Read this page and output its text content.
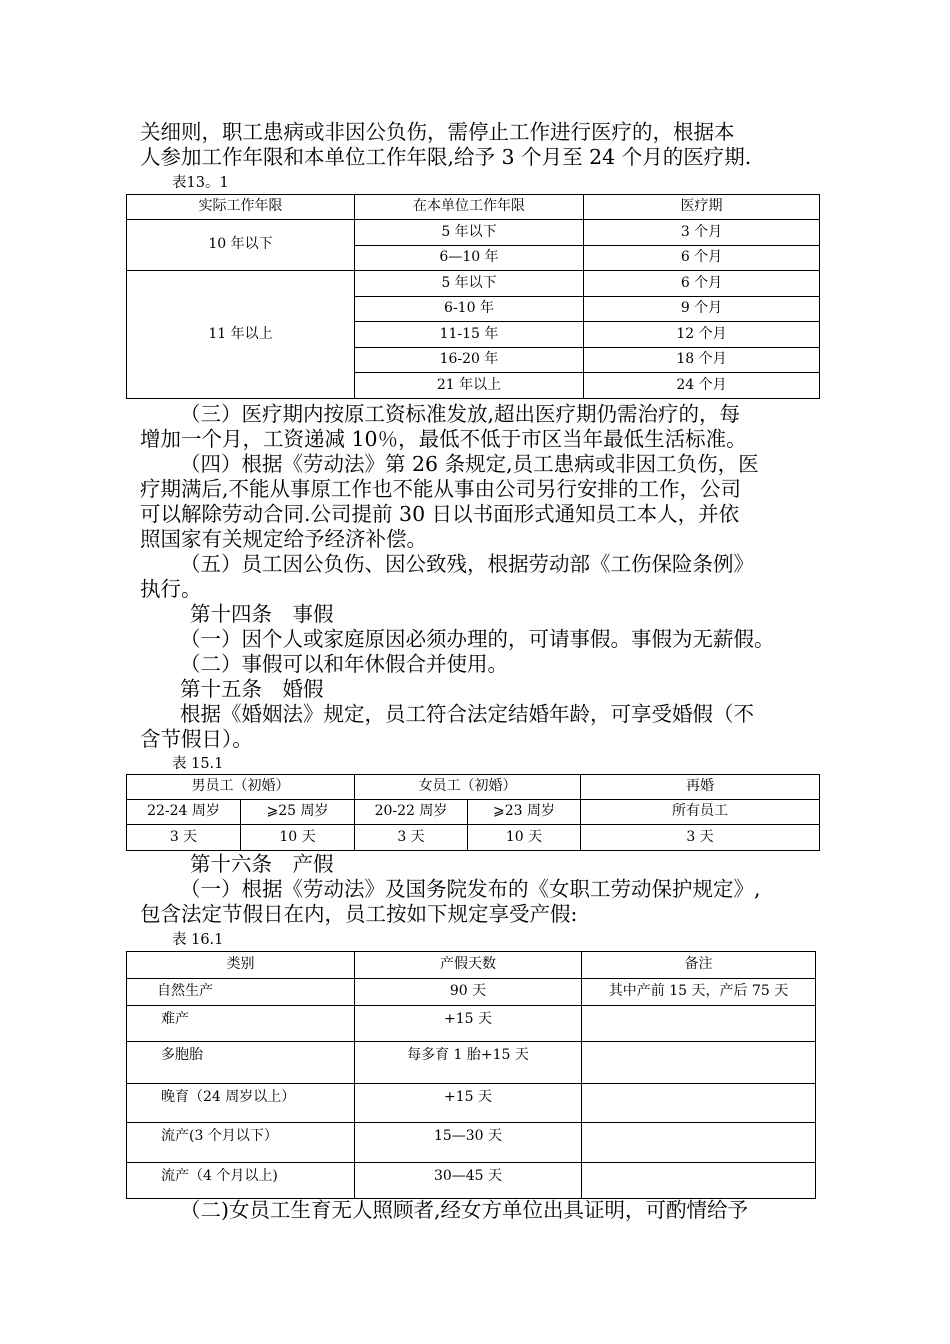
关细则，职工患病或非因公负伤，需停止工作进行医疗的，根据本

人参加工作年限和本单位工作年限,给予 3 个月至 24 个月的医疗期.

表13。1
实际工作年限	在本单位工作年限	医疗期
10 年以下	5 年以下	3 个月
	6—10 年	6 个月
11 年以上	5 年以下	6 个月
	6-10 年	9 个月
	11-15 年	12 个月
	16-20 年	18 个月
	21 年以上	24 个月

（三）医疗期内按原工资标准发放,超出医疗期仍需治疗的，每

增加一个月，工资递减 10％，最低不低于市区当年最低生活标准。

（四）根据《劳动法》第 26 条规定,员工患病或非因工负伤，医

疗期满后,不能从事原工作也不能从事由公司另行安排的工作，公司

可以解除劳动合同.公司提前 30 日以书面形式通知员工本人，并依

照国家有关规定给予经济补偿。

（五）员工因公负伤、因公致残，根据劳动部《工伤保险条例》

执行。

第十四条　事假

（一）因个人或家庭原因必须办理的，可请事假。事假为无薪假。

（二）事假可以和年休假合并使用。

第十五条　婚假

根据《婚姻法》规定，员工符合法定结婚年龄，可享受婚假（不

含节假日）。

表 15.1
男员工（初婚）		女员工（初婚）		再婚
22-24 周岁	⩾25 周岁	20-22 周岁	⩾23 周岁	所有员工
3 天	10 天	3 天	10 天	3 天

第十六条　产假

（一）根据《劳动法》及国务院发布的《女职工劳动保护规定》,

包含法定节假日在内，员工按如下规定享受产假:

表 16.1
类别	产假天数	备注
自然生产	90 天	其中产前 15 天，产后 75 天
难产	+15 天	
多胞胎	每多育 1 胎+15 天	
晚育（24 周岁以上）	+15 天	
流产(3 个月以下）	15—30 天	
流产（4 个月以上)	30—45 天	

（二)女员工生育无人照顾者,经女方单位出具证明，可酌情给予
